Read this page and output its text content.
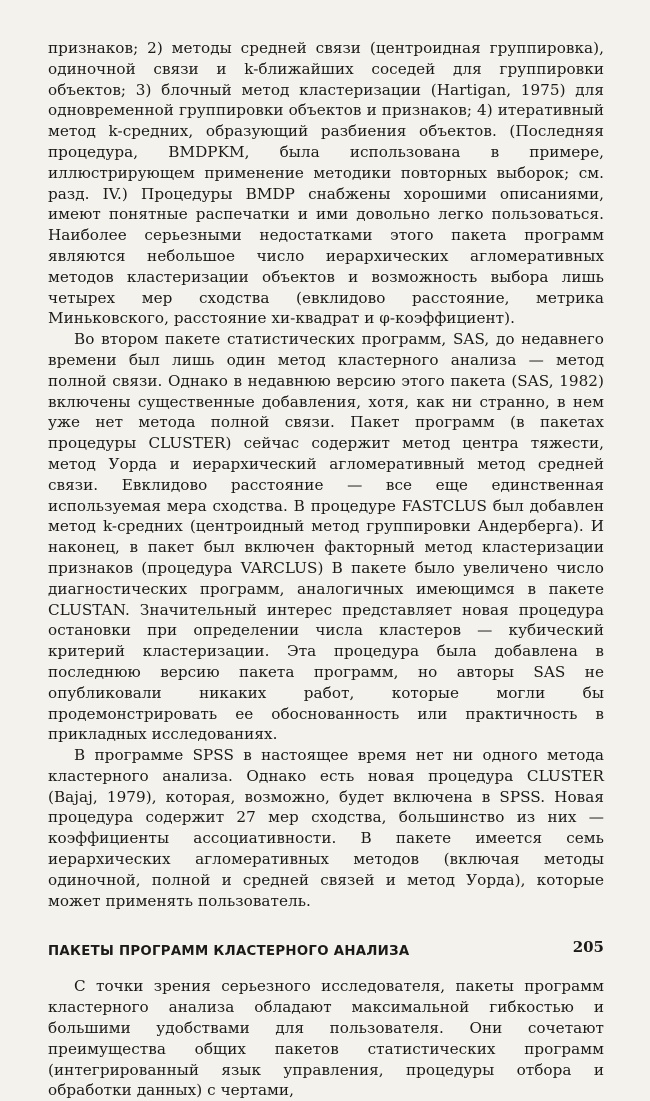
признаков; 2) методы средней связи (центроидная группировка), одиночной связи и k-ближайших соседей для группировки объектов; 3) блочный метод кластеризации (Hartigan, 1975) для одновременной группировки объектов и признаков; 4) итеративный метод k-средних, образующий разбиения объектов. (Последняя процедура, BMDPKM, была использована в примере, иллюстрирующем применение методики повторных выборок; см. разд. IV.) Процедуры BMDP снабжены хорошими описаниями, имеют понятные распечатки и ими довольно легко пользоваться. Наиболее серьезными недостатками этого пакета программ являются небольшое число иерархических агломеративных методов кластеризации объектов и возможность выбора лишь четырех мер сходства (евклидово расстояние, метрика Миньковского, расстояние хи-квадрат и φ-коэффициент).

Во втором пакете статистических программ, SAS, до недавнего времени был лишь один метод кластерного анализа — метод полной связи. Однако в недавнюю версию этого пакета (SAS, 1982) включены существенные добавления, хотя, как ни странно, в нем уже нет метода полной связи. Пакет программ (в пакетах процедуры CLUSTER) сейчас содержит метод центра тяжести, метод Уорда и иерархический агломеративный метод средней связи. Евклидово расстояние — все еще единственная используемая мера сходства. В процедуре FASTCLUS был добавлен метод k-средних (центроидный метод группировки Андерберга). И наконец, в пакет был включен факторный метод кластеризации признаков (процедура VARCLUS) В пакете было увеличено число диагностических программ, аналогичных имеющимся в пакете CLUSTAN. Значительный интерес представляет новая процедура остановки при определении числа кластеров — кубический критерий кластеризации. Эта процедура была добавлена в последнюю версию пакета программ, но авторы SAS не опубликовали никаких работ, которые могли бы продемонстрировать ее обоснованность или практичность в прикладных исследованиях.

В программе SPSS в настоящее время нет ни одного метода кластерного анализа. Однако есть новая процедура CLUSTER (Bajaj, 1979), которая, возможно, будет включена в SPSS. Новая процедура содержит 27 мер сходства, большинство из них — коэффициенты ассоциативности. В пакете имеется семь иерархических агломеративных методов (включая методы одиночной, полной и средней связей и метод Уорда), которые может применять пользователь.

ПАКЕТЫ ПРОГРАММ КЛАСТЕРНОГО АНАЛИЗА

С точки зрения серьезного исследователя, пакеты программ кластерного анализа обладают максимальной гибкостью и большими удобствами для пользователя. Они сочетают преимущества общих пакетов статистических программ (интегрированный язык управления, процедуры отбора и обработки данных) с чертами,

205
